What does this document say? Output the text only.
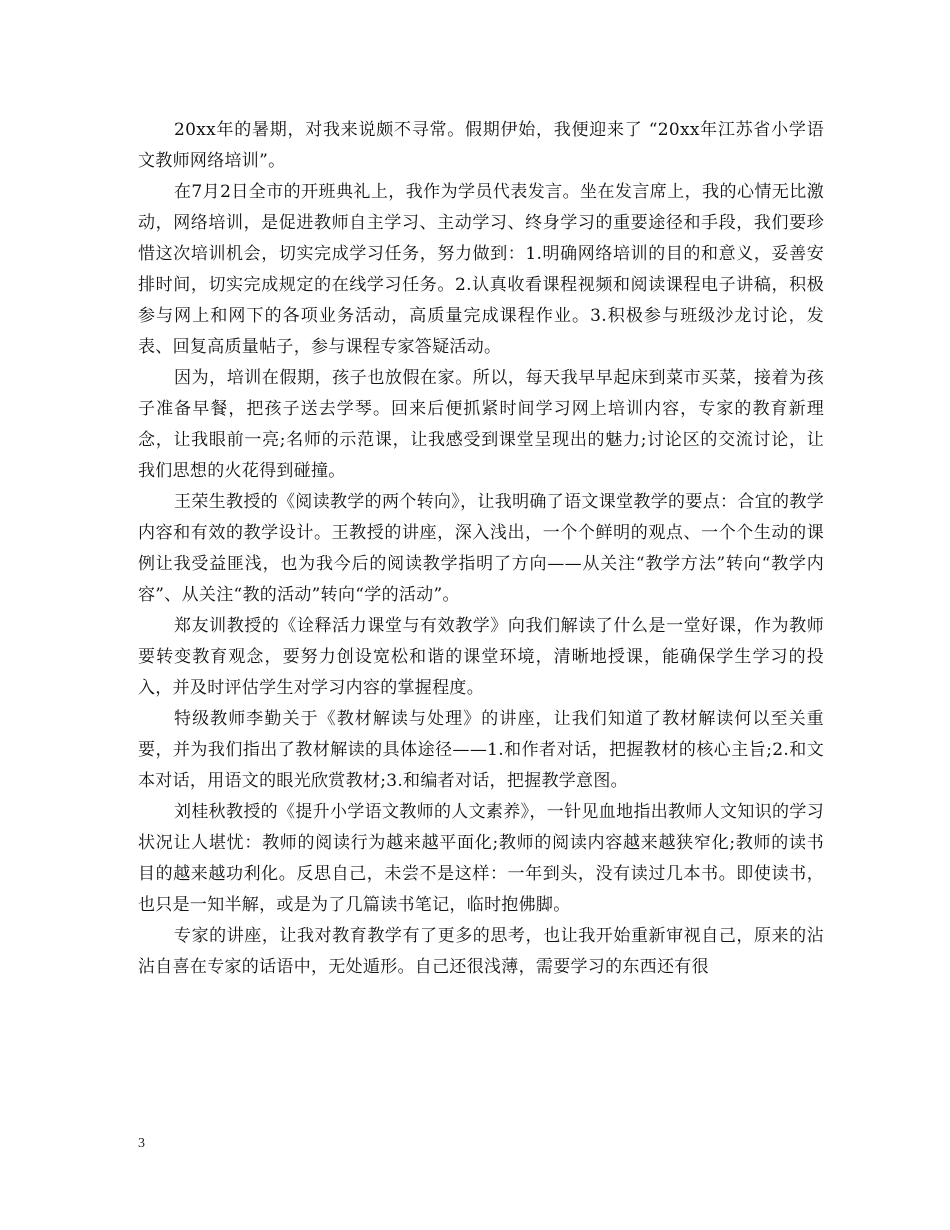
20xx年的暑期，对我来说颇不寻常。假期伊始，我便迎来了 “20xx年江苏省小学语文教师网络培训”。

在7月2日全市的开班典礼上，我作为学员代表发言。坐在发言席上，我的心情无比激动，网络培训，是促进教师自主学习、主动学习、终身学习的重要途径和手段，我们要珍惜这次培训机会，切实完成学习任务，努力做到：1.明确网络培训的目的和意义，妥善安排时间，切实完成规定的在线学习任务。2.认真收看课程视频和阅读课程电子讲稿，积极参与网上和网下的各项业务活动，高质量完成课程作业。3.积极参与班级沙龙讨论，发表、回复高质量帖子，参与课程专家答疑活动。

因为，培训在假期，孩子也放假在家。所以，每天我早早起床到菜市买菜，接着为孩子准备早餐，把孩子送去学琴。回来后便抓紧时间学习网上培训内容，专家的教育新理念，让我眼前一亮;名师的示范课，让我感受到课堂呈现出的魅力;讨论区的交流讨论，让我们思想的火花得到碰撞。

王荣生教授的《阅读教学的两个转向》，让我明确了语文课堂教学的要点：合宜的教学内容和有效的教学设计。王教授的讲座，深入浅出，一个个鲜明的观点、一个个生动的课例让我受益匪浅，也为我今后的阅读教学指明了方向——从关注“教学方法”转向“教学内容”、从关注“教的活动”转向“学的活动”。

郑友训教授的《诠释活力课堂与有效教学》向我们解读了什么是一堂好课，作为教师要转变教育观念，要努力创设宽松和谐的课堂环境，清晰地授课，能确保学生学习的投入，并及时评估学生对学习内容的掌握程度。

特级教师李勤关于《教材解读与处理》的讲座，让我们知道了教材解读何以至关重要，并为我们指出了教材解读的具体途径——1.和作者对话，把握教材的核心主旨;2.和文本对话，用语文的眼光欣赏教材;3.和编者对话，把握教学意图。

刘桂秋教授的《提升小学语文教师的人文素养》，一针见血地指出教师人文知识的学习状况让人堪忧：教师的阅读行为越来越平面化;教师的阅读内容越来越狭窄化;教师的读书目的越来越功利化。反思自己，未尝不是这样：一年到头，没有读过几本书。即使读书，也只是一知半解，或是为了几篇读书笔记，临时抱佛脚。

专家的讲座，让我对教育教学有了更多的思考，也让我开始重新审视自己，原来的沾沾自喜在专家的话语中，无处遁形。自己还很浅薄，需要学习的东西还有很

3
